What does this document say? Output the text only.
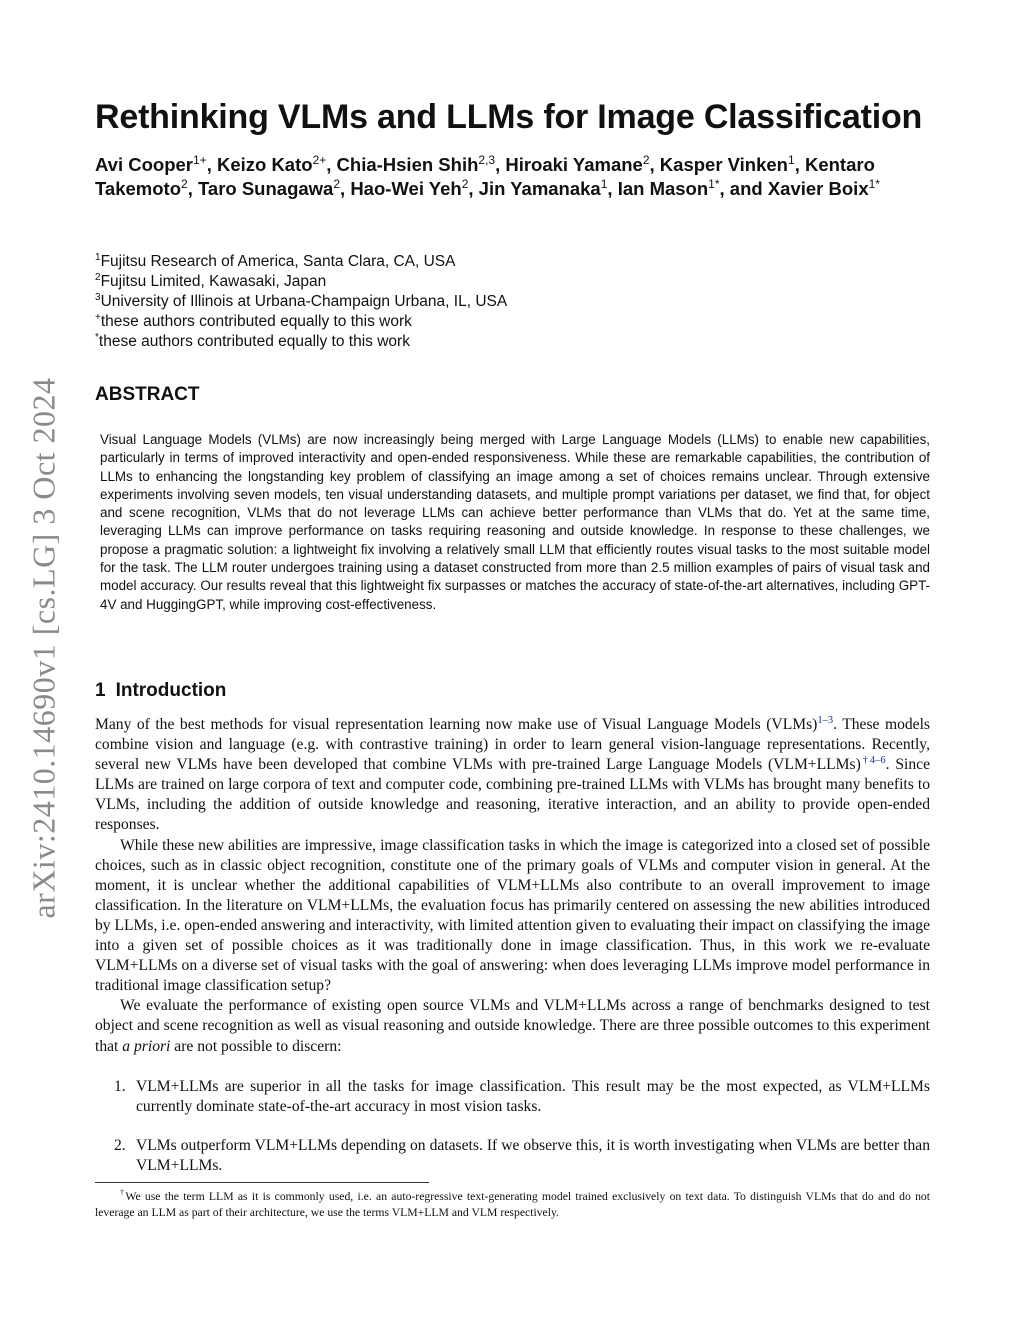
arXiv:2410.14690v1 [cs.LG] 3 Oct 2024
Rethinking VLMs and LLMs for Image Classification
Avi Cooper$^{1+}$, Keizo Kato$^{2+}$, Chia-Hsien Shih$^{2,3}$, Hiroaki Yamane$^2$, Kasper Vinken$^1$, Kentaro Takemoto$^2$, Taro Sunagawa$^2$, Hao-Wei Yeh$^2$, Jin Yamanaka$^1$, Ian Mason$^{1*}$, and Xavier Boix$^{1*}$
$^1$Fujitsu Research of America, Santa Clara, CA, USA
$^2$Fujitsu Limited, Kawasaki, Japan
$^3$University of Illinois at Urbana-Champaign Urbana, IL, USA
+these authors contributed equally to this work
*these authors contributed equally to this work
ABSTRACT
Visual Language Models (VLMs) are now increasingly being merged with Large Language Models (LLMs) to enable new capabilities, particularly in terms of improved interactivity and open-ended responsiveness. While these are remarkable capabilities, the contribution of LLMs to enhancing the longstanding key problem of classifying an image among a set of choices remains unclear. Through extensive experiments involving seven models, ten visual understanding datasets, and multiple prompt variations per dataset, we find that, for object and scene recognition, VLMs that do not leverage LLMs can achieve better performance than VLMs that do. Yet at the same time, leveraging LLMs can improve performance on tasks requiring reasoning and outside knowledge. In response to these challenges, we propose a pragmatic solution: a lightweight fix involving a relatively small LLM that efficiently routes visual tasks to the most suitable model for the task. The LLM router undergoes training using a dataset constructed from more than 2.5 million examples of pairs of visual task and model accuracy. Our results reveal that this lightweight fix surpasses or matches the accuracy of state-of-the-art alternatives, including GPT-4V and HuggingGPT, while improving cost-effectiveness.
1 Introduction

Many of the best methods for visual representation learning now make use of Visual Language Models (VLMs)$^{1-3}$. These models combine vision and language (e.g. with contrastive training) in order to learn general vision-language representations. Recently, several new VLMs have been developed that combine VLMs with pre-trained Large Language Models (VLM+LLMs)$^{\dagger 4-6}$. Since LLMs are trained on large corpora of text and computer code, combining pre-trained LLMs with VLMs has brought many benefits to VLMs, including the addition of outside knowledge and reasoning, iterative interaction, and an ability to provide open-ended responses.

While these new abilities are impressive, image classification tasks in which the image is categorized into a closed set of possible choices, such as in classic object recognition, constitute one of the primary goals of VLMs and computer vision in general. At the moment, it is unclear whether the additional capabilities of VLM+LLMs also contribute to an overall improvement to image classification. In the literature on VLM+LLMs, the evaluation focus has primarily centered on assessing the new abilities introduced by LLMs, i.e. open-ended answering and interactivity, with limited attention given to evaluating their impact on classifying the image into a given set of possible choices as it was traditionally done in image classification. Thus, in this work we re-evaluate VLM+LLMs on a diverse set of visual tasks with the goal of answering: when does leveraging LLMs improve model performance in traditional image classification setup?

We evaluate the performance of existing open source VLMs and VLM+LLMs across a range of benchmarks designed to test object and scene recognition as well as visual reasoning and outside knowledge. There are three possible outcomes to this experiment that a priori are not possible to discern:

1. VLM+LLMs are superior in all the tasks for image classification. This result may be the most expected, as VLM+LLMs currently dominate state-of-the-art accuracy in most vision tasks.
2. VLMs outperform VLM+LLMs depending on datasets. If we observe this, it is worth investigating when VLMs are better than VLM+LLMs.

†We use the term LLM as it is commonly used, i.e. an auto-regressive text-generating model trained exclusively on text data. To distinguish VLMs that do and do not leverage an LLM as part of their architecture, we use the terms VLM+LLM and VLM respectively.
